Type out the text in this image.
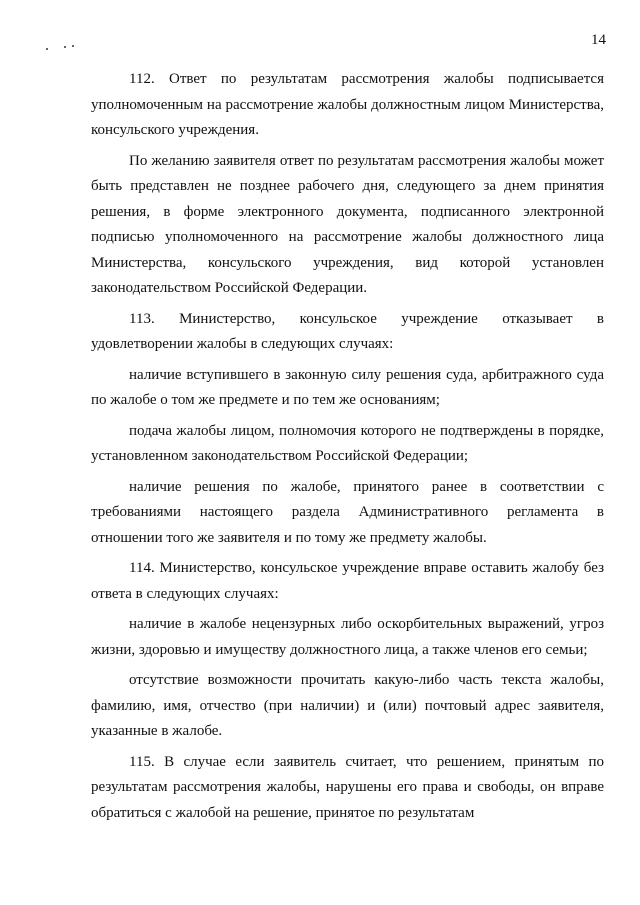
14

112. Ответ по результатам рассмотрения жалобы подписывается уполномоченным на рассмотрение жалобы должностным лицом Министерства, консульского учреждения.

По желанию заявителя ответ по результатам рассмотрения жалобы может быть представлен не позднее рабочего дня, следующего за днем принятия решения, в форме электронного документа, подписанного электронной подписью уполномоченного на рассмотрение жалобы должностного лица Министерства, консульского учреждения, вид которой установлен законодательством Российской Федерации.

113. Министерство, консульское учреждение отказывает в удовлетворении жалобы в следующих случаях:

наличие вступившего в законную силу решения суда, арбитражного суда по жалобе о том же предмете и по тем же основаниям;

подача жалобы лицом, полномочия которого не подтверждены в порядке, установленном законодательством Российской Федерации;

наличие решения по жалобе, принятого ранее в соответствии с требованиями настоящего раздела Административного регламента в отношении того же заявителя и по тому же предмету жалобы.

114. Министерство, консульское учреждение вправе оставить жалобу без ответа в следующих случаях:

наличие в жалобе нецензурных либо оскорбительных выражений, угроз жизни, здоровью и имуществу должностного лица, а также членов его семьи;

отсутствие возможности прочитать какую-либо часть текста жалобы, фамилию, имя, отчество (при наличии) и (или) почтовый адрес заявителя, указанные в жалобе.

115. В случае если заявитель считает, что решением, принятым по результатам рассмотрения жалобы, нарушены его права и свободы, он вправе обратиться с жалобой на решение, принятое по результатам
